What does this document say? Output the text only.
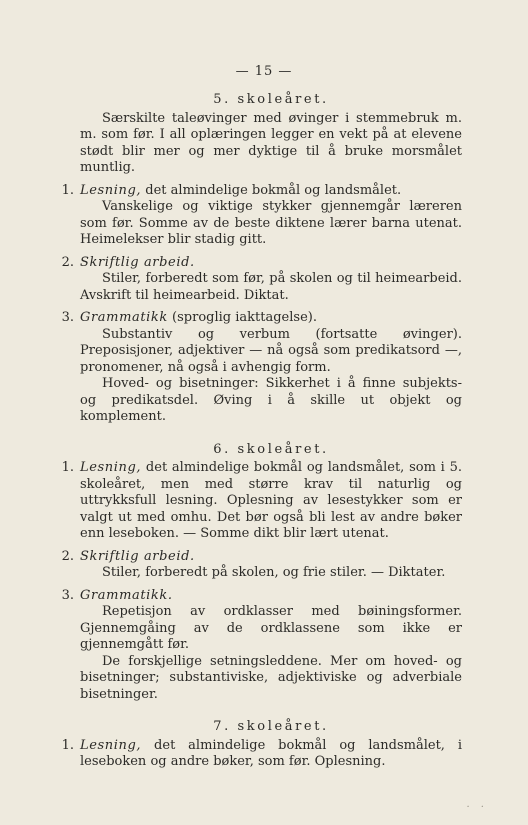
— 15 —
5. skoleåret.

Særskilte taleøvinger med øvinger i stemmebruk m. m. som før. I all oplæringen legger en vekt på at elevene stødt blir mer og mer dyktige til å bruke morsmålet muntlig.

1. Lesning, det almindelige bokmål og landsmålet.

Vanskelige og viktige stykker gjennemgår læreren som før. Somme av de beste diktene lærer barna utenat. Heimelekser blir stadig gitt.

2. Skriftlig arbeid.

Stiler, forberedt som før, på skolen og til heimearbeid. Avskrift til heimearbeid. Diktat.

3. Grammatikk (sproglig iakttagelse).

Substantiv og verbum (fortsatte øvinger). Preposisjoner, adjektiver — nå også som predikatsord —, pronomener, nå også i avhengig form.

Hoved- og bisetninger: Sikkerhet i å finne subjekts- og predikatsdel. Øving i å skille ut objekt og komplement.

6. skoleåret.
1. Lesning, det almindelige bokmål og landsmålet, som i 5. skoleåret, men med større krav til naturlig og uttrykksfull lesning. Oplesning av lesestykker som er valgt ut med omhu. Det bør også bli lest av andre bøker enn leseboken. — Somme dikt blir lært utenat.

2. Skriftlig arbeid.

Stiler, forberedt på skolen, og frie stiler. — Diktater.

3. Grammatikk.

Repetisjon av ordklasser med bøiningsformer. Gjennemgåing av de ordklassene som ikke er gjennemgått før.

De forskjellige setningsleddene. Mer om hoved- og bisetninger; substantiviske, adjektiviske og adverbiale bisetninger.

7. skoleåret.
1. Lesning, det almindelige bokmål og landsmålet, i leseboken og andre bøker, som før. Oplesning.

· ·
